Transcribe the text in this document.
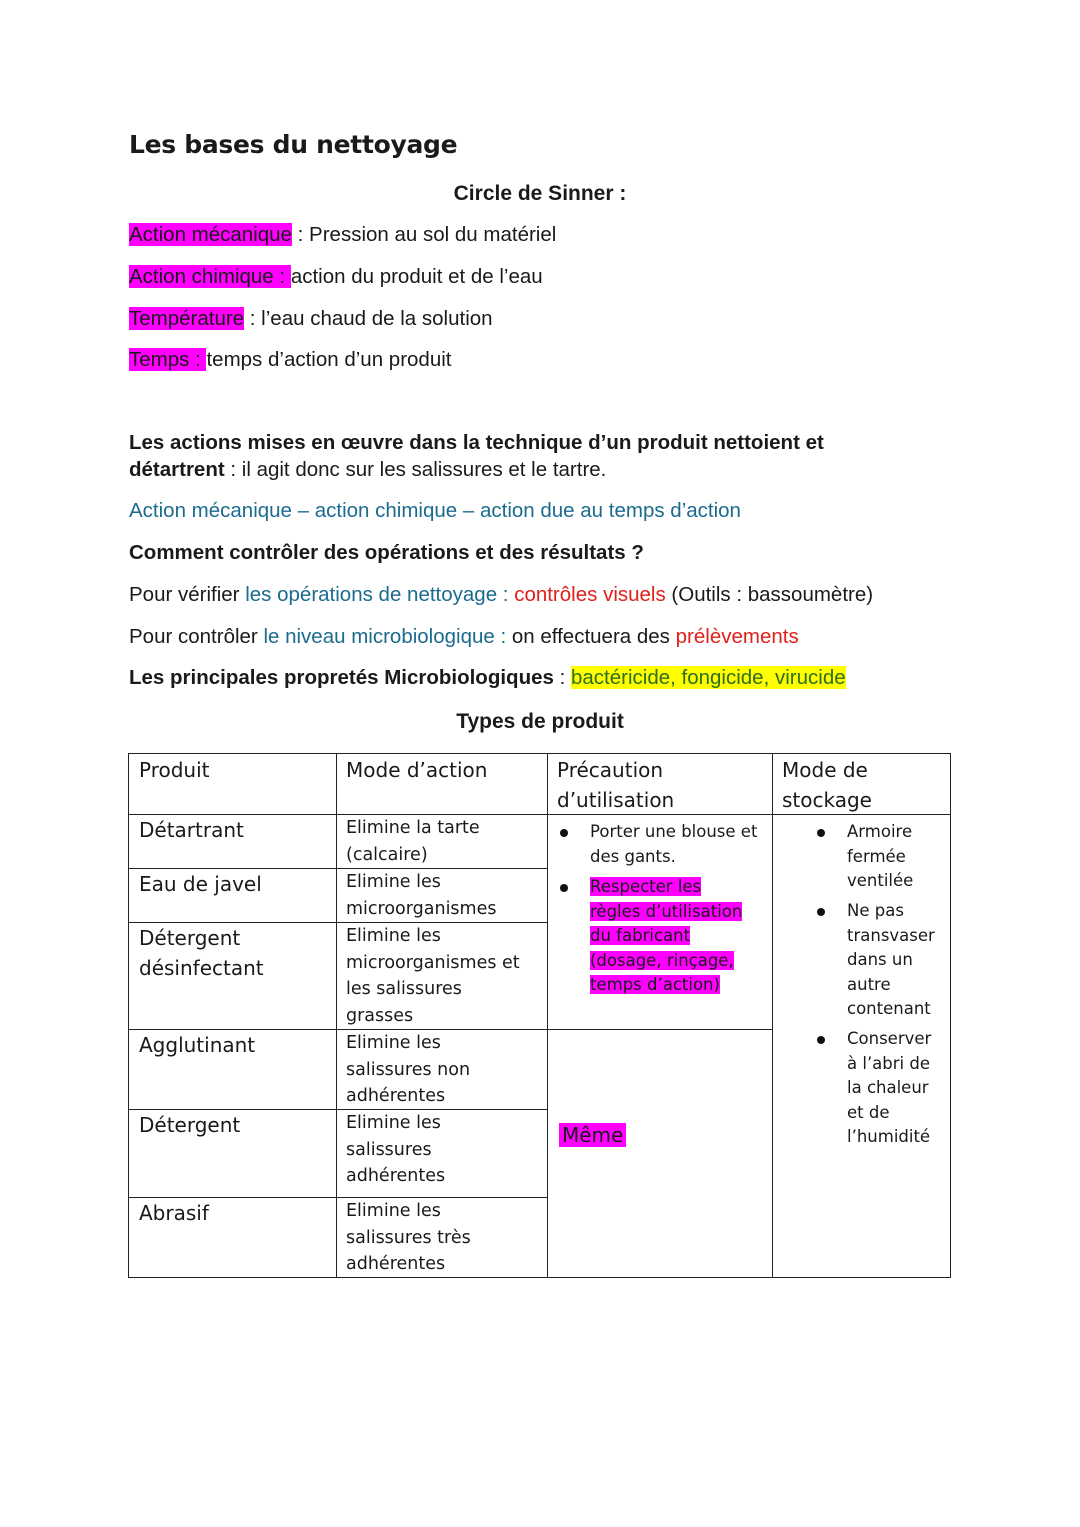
Les bases du nettoyage
Circle de Sinner :
Action mécanique : Pression au sol du matériel
Action chimique : action du produit et de l’eau
Température : l’eau chaud de la solution
Temps : temps d’action d’un produit
Les actions mises en œuvre dans la technique d’un produit nettoient et
détartrent : il agit donc sur les salissures et le tartre.
Action mécanique – action chimique – action due au temps d’action
Comment contrôler des opérations et des résultats ?
Pour vérifier les opérations de nettoyage : contrôles visuels (Outils : bassoumètre)
Pour contrôler le niveau microbiologique : on effectuera des prélèvements
Les principales propretés Microbiologiques : bactéricide, fongicide, virucide
Types de produit
Produit	Mode d’action	Précaution
d’utilisation
Mode de
stockage
Détartrant
Eau de javel
Détergent
désinfectant
Agglutinant
Détergent
Abrasif
Elimine la tarte
(calcaire)
Elimine les
microorganismes
Elimine les
microorganismes et
les salissures
grasses
Elimine les
salissures non
adhérentes
Elimine les
salissures
adhérentes
Elimine les
salissures très
adhérentes
Porter une blouse et
des gants.
Respecter les
règles d’utilisation
du fabricant
(dosage, rinçage,
temps d’action)
Même
Armoire
fermée
ventilée
Ne pas
transvaser
dans un
autre
contenant
Conserver
à l’abri de
la chaleur
et de
l’humidité
